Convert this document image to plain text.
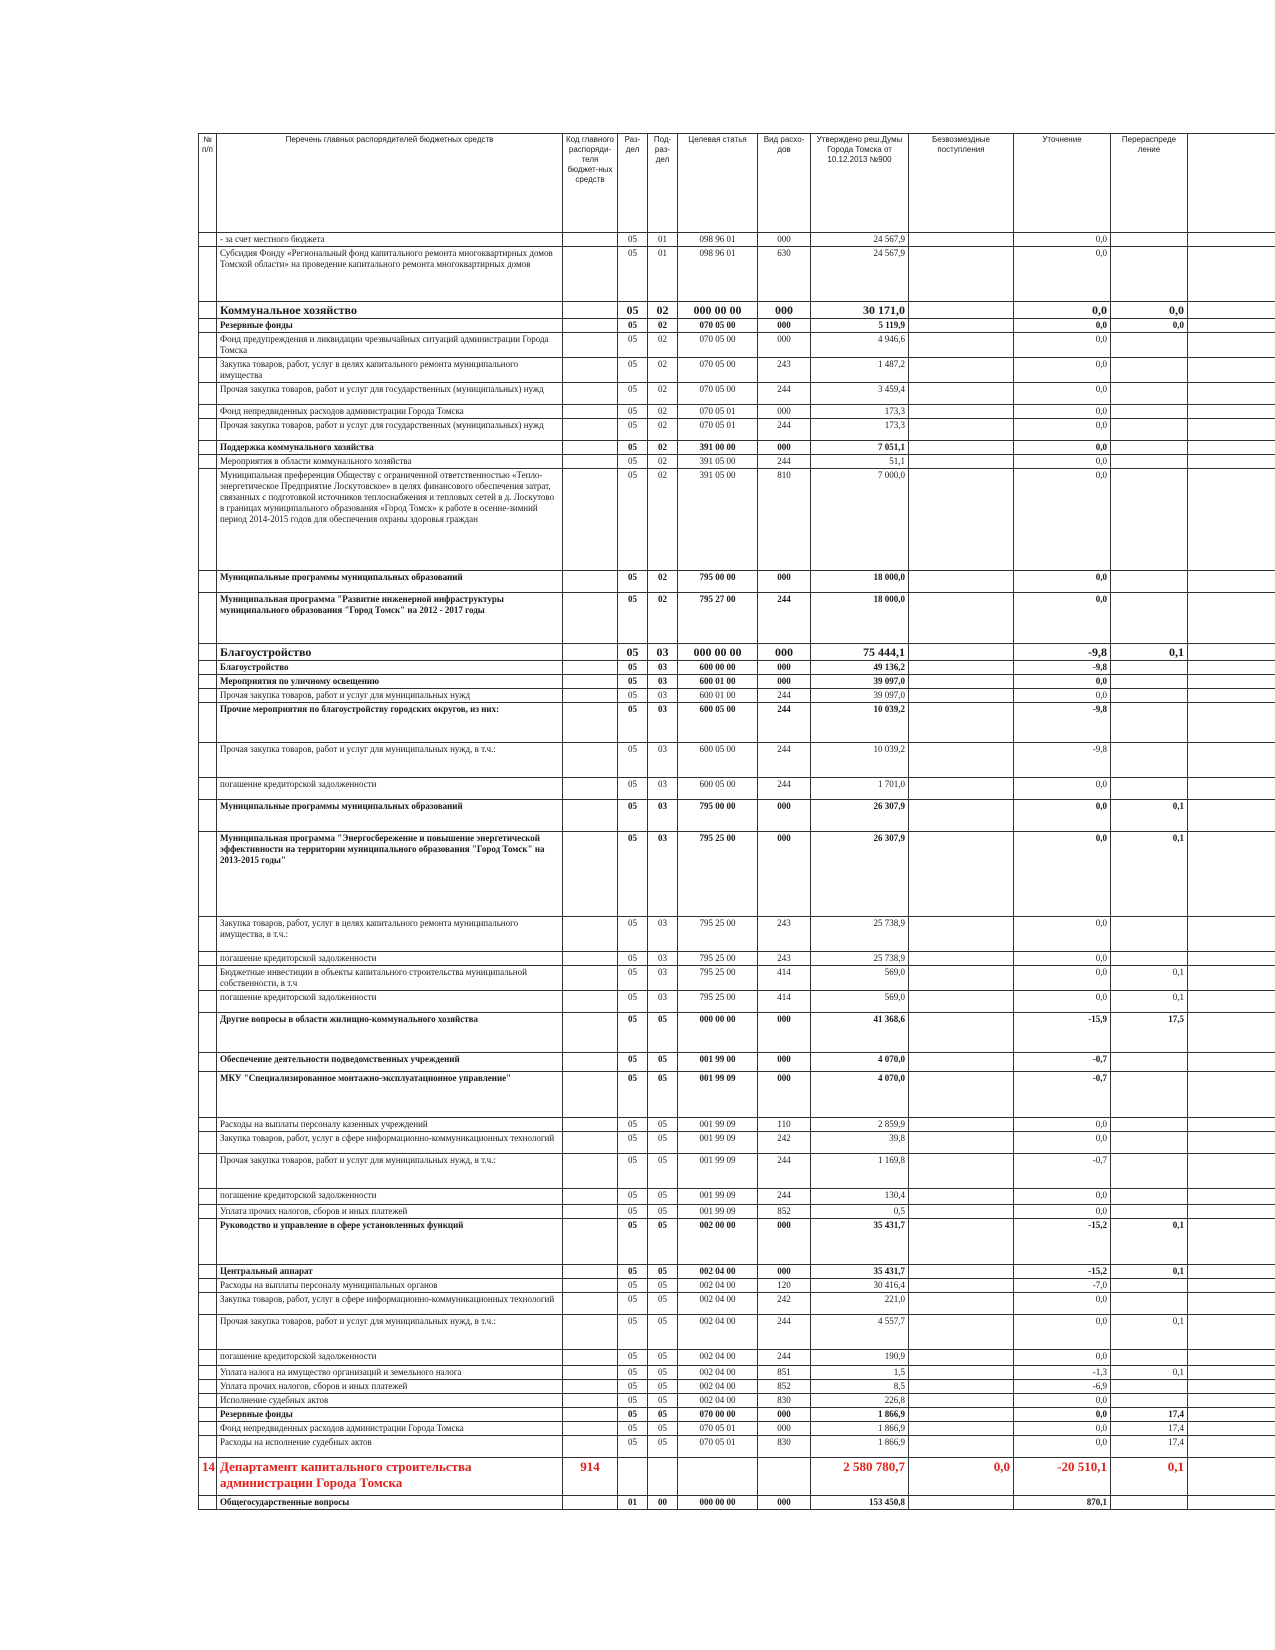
№ п/п	Перечень главных распорядителей бюджетных средств	Код главного распоряди-теля бюджет-ных средств	Раз-дел	Под-раз-дел	Целевая статья	Вид расхо-дов	Утверждено реш.Думы Города Томска от 10.12.2013 №900	Безвозмездные поступления	Уточнение	Перераспреде ление	
	- за счет местного бюджета		05	01	098 96 01	000	24 567,9		0,0		
	Субсидия Фонду «Региональный фонд капитального ремонта многоквартирных домов Томской области» на проведение капитального ремонта многоквартирных домов		05	01	098 96 01	630	24 567,9		0,0		
	Коммунальное хозяйство		05	02	000 00 00	000	30 171,0		0,0	0,0	
	Резервные фонды		05	02	070 05 00	000	5 119,9		0,0	0,0	
	Фонд предупреждения и ликвидации чрезвычайных ситуаций администрации Города Томска		05	02	070 05 00	000	4 946,6		0,0		
	Закупка товаров, работ, услуг в целях капитального ремонта муниципального имущества		05	02	070 05 00	243	1 487,2		0,0		
	Прочая закупка товаров, работ и услуг для государственных (муниципальных) нужд		05	02	070 05 00	244	3 459,4		0,0		
	Фонд непредвиденных расходов администрации Города Томска		05	02	070 05 01	000	173,3		0,0		
	Прочая закупка товаров, работ и услуг для государственных (муниципальных) нужд		05	02	070 05 01	244	173,3		0,0		
	Поддержка коммунального хозяйства		05	02	391 00 00	000	7 051,1		0,0		
	Мероприятия в области коммунального хозяйства		05	02	391 05 00	244	51,1		0,0		
	Муниципальная преференция Обществу с ограниченной ответственностью «Тепло-энергетическое Предприятие Лоскутовское» в целях финансового обеспечения затрат, связанных с подготовкой источников теплоснабжения и тепловых сетей в д. Лоскутово в границах муниципального образования «Город Томск» к работе в осенне-зимний период 2014-2015 годов для обеспечения охраны здоровья граждан		05	02	391 05 00	810	7 000,0		0,0		
	Муниципальные программы муниципальных образований		05	02	795 00 00	000	18 000,0		0,0		
	Муниципальная программа "Развитие инженерной инфраструктуры муниципального образования "Город Томск" на 2012 - 2017 годы		05	02	795 27 00	244	18 000,0		0,0		
	Благоустройство		05	03	000 00 00	000	75 444,1		-9,8	0,1	
	Благоустройство		05	03	600 00 00	000	49 136,2		-9,8		
	Мероприятия по уличному освещению		05	03	600 01 00	000	39 097,0		0,0		
	Прочая закупка товаров, работ и услуг для муниципальных нужд		05	03	600 01 00	244	39 097,0		0,0		
	Прочие мероприятия по благоустройству городских округов, из них:		05	03	600 05 00	244	10 039,2		-9,8		
	Прочая закупка товаров, работ и услуг для муниципальных нужд, в т.ч.:		05	03	600 05 00	244	10 039,2		-9,8		
	погашение кредиторской задолженности		05	03	600 05 00	244	1 701,0		0,0		
	Муниципальные программы муниципальных образований		05	03	795 00 00	000	26 307,9		0,0	0,1	
	Муниципальная программа "Энергосбережение и повышение энергетической эффективности на территории муниципального образования "Город Томск" на 2013-2015 годы"		05	03	795 25 00	000	26 307,9		0,0	0,1	
	Закупка товаров, работ, услуг в целях капитального ремонта муниципального имущества, в т.ч.:		05	03	795 25 00	243	25 738,9		0,0		
	погашение кредиторской задолженности		05	03	795 25 00	243	25 738,9		0,0		
	Бюджетные инвестиции в объекты капитального строительства муниципальной собственности, в т.ч		05	03	795 25 00	414	569,0		0,0	0,1	
	погашение кредиторской задолженности		05	03	795 25 00	414	569,0		0,0	0,1	
	Другие вопросы в области жилищно-коммунального хозяйства		05	05	000 00 00	000	41 368,6		-15,9	17,5	
	Обеспечение деятельности подведомственных учреждений		05	05	001 99 00	000	4 070,0		-0,7		
	МКУ "Специализированное монтажно-эксплуатационное управление"		05	05	001 99 09	000	4 070,0		-0,7		
	Расходы на выплаты персоналу казенных учреждений		05	05	001 99 09	110	2 859,9		0,0		
	Закупка товаров, работ, услуг в сфере информационно-коммуникационных технологий		05	05	001 99 09	242	39,8		0,0		
	Прочая закупка товаров, работ и услуг для муниципальных нужд, в т.ч.:		05	05	001 99 09	244	1 169,8		-0,7		
	погашение кредиторской задолженности		05	05	001 99 09	244	130,4		0,0		
	Уплата прочих налогов, сборов и иных платежей		05	05	001 99 09	852	0,5		0,0		
	Руководство и управление в сфере установленных функций		05	05	002 00 00	000	35 431,7		-15,2	0,1	
	Центральный аппарат		05	05	002 04 00	000	35 431,7		-15,2	0,1	
	Расходы на выплаты персоналу муниципальных органов		05	05	002 04 00	120	30 416,4		-7,0		
	Закупка товаров, работ, услуг в сфере информационно-коммуникационных технологий		05	05	002 04 00	242	221,0		0,0		
	Прочая закупка товаров, работ и услуг для муниципальных нужд, в т.ч.:		05	05	002 04 00	244	4 557,7		0,0	0,1	
	погашение кредиторской задолженности		05	05	002 04 00	244	190,9		0,0		
	Уплата налога на имущество организаций и земельного налога		05	05	002 04 00	851	1,5		-1,3	0,1	
	Уплата прочих налогов, сборов и иных платежей		05	05	002 04 00	852	8,5		-6,9		
	Исполнение судебных актов		05	05	002 04 00	830	226,8		0,0		
	Резервные фонды		05	05	070 00 00	000	1 866,9		0,0	17,4	
	Фонд непредвиденных расходов администрации Города Томска		05	05	070 05 01	000	1 866,9		0,0	17,4	
	Расходы на исполнение судебных актов		05	05	070 05 01	830	1 866,9		0,0	17,4	
14	Департамент капитального строительства администрации Города Томска	914					2 580 780,7	0,0	-20 510,1	0,1	
	Общегосударственные вопросы		01	00	000 00 00	000	153 450,8		870,1		
